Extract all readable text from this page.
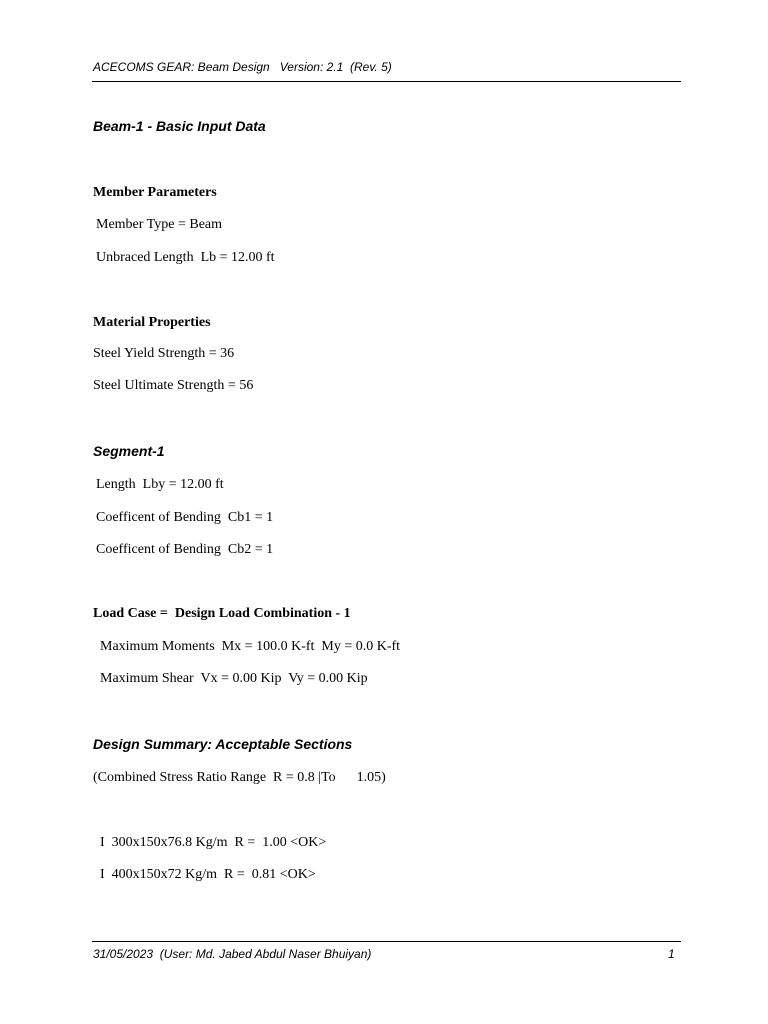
ACECOMS GEAR: Beam Design   Version: 2.1  (Rev. 5)
Beam-1 - Basic Input Data
Member Parameters
Member Type = Beam
Unbraced Length  Lb = 12.00 ft
Material Properties
Steel Yield Strength = 36
Steel Ultimate Strength = 56
Segment-1
Length  Lby = 12.00 ft
Coefficent of Bending  Cb1 = 1
Coefficent of Bending  Cb2 = 1
Load Case =  Design Load Combination - 1
Maximum Moments  Mx = 100.0 K-ft  My = 0.0 K-ft
Maximum Shear  Vx = 0.00 Kip  Vy = 0.00 Kip
Design Summary: Acceptable Sections
(Combined Stress Ratio Range  R = 0.8 |To      1.05)
I  300x150x76.8 Kg/m  R =  1.00 <OK>
I  400x150x72 Kg/m  R =  0.81 <OK>
31/05/2023  (User: Md. Jabed Abdul Naser Bhuiyan)	1
